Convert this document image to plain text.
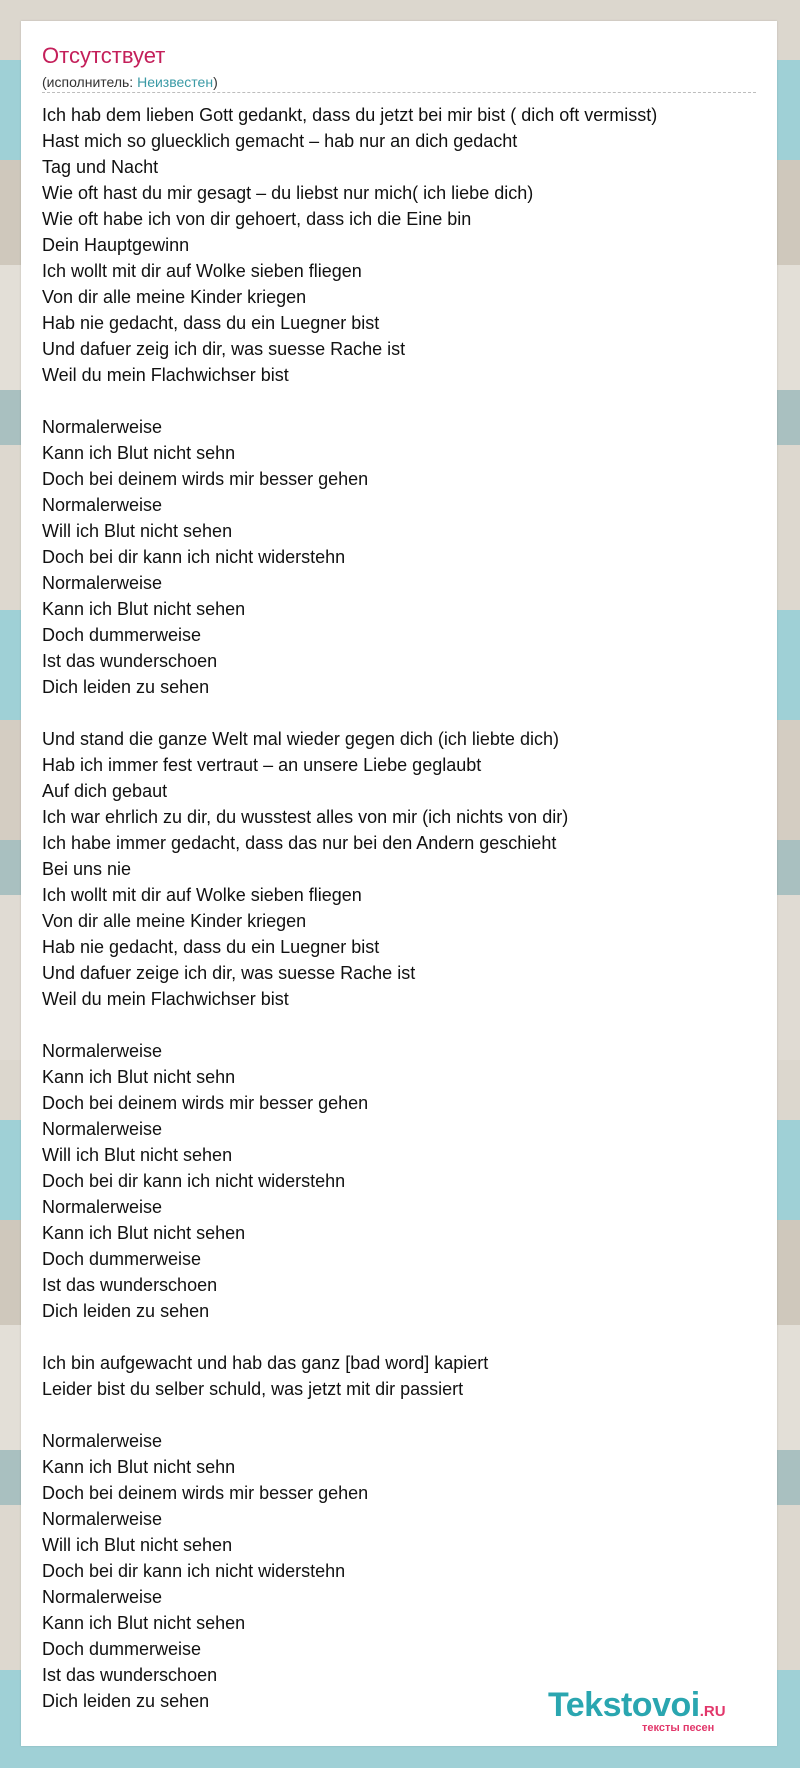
Отсутствует
(исполнитель: Неизвестен)
Ich hab dem lieben Gott gedankt, dass du jetzt bei mir bist ( dich oft vermisst)
Hast mich so gluecklich gemacht – hab nur an dich gedacht
Tag und Nacht
Wie oft hast du mir gesagt – du liebst nur mich( ich liebe dich)
Wie oft habe ich von dir gehoert, dass ich die Eine bin
Dein Hauptgewinn
Ich wollt mit dir auf Wolke sieben fliegen
Von dir alle meine Kinder kriegen
Hab nie gedacht, dass du ein Luegner bist
Und dafuer zeig ich dir, was suesse Rache ist
Weil du mein Flachwichser bist
Normalerweise
Kann ich Blut nicht sehn
Doch bei deinem wirds mir besser gehen
Normalerweise
Will ich Blut nicht sehen
Doch bei dir kann ich nicht widerstehn
Normalerweise
Kann ich Blut nicht sehen
Doch dummerweise
Ist das wunderschoen
Dich leiden zu sehen
Und stand die ganze Welt mal wieder gegen dich (ich liebte dich)
Hab ich immer fest vertraut – an unsere Liebe geglaubt
Auf dich gebaut
Ich war ehrlich zu dir, du wusstest alles von mir (ich nichts von dir)
Ich habe immer gedacht, dass das nur bei den Andern geschieht
Bei uns nie
Ich wollt mit dir auf Wolke sieben fliegen
Von dir alle meine Kinder kriegen
Hab nie gedacht, dass du ein Luegner bist
Und dafuer zeige ich dir, was suesse Rache ist
Weil du mein Flachwichser bist
Normalerweise
Kann ich Blut nicht sehn
Doch bei deinem wirds mir besser gehen
Normalerweise
Will ich Blut nicht sehen
Doch bei dir kann ich nicht widerstehn
Normalerweise
Kann ich Blut nicht sehen
Doch dummerweise
Ist das wunderschoen
Dich leiden zu sehen
Ich bin aufgewacht und hab das ganz [bad word] kapiert
Leider bist du selber schuld, was jetzt mit dir passiert
Normalerweise
Kann ich Blut nicht sehn
Doch bei deinem wirds mir besser gehen
Normalerweise
Will ich Blut nicht sehen
Doch bei dir kann ich nicht widerstehn
Normalerweise
Kann ich Blut nicht sehen
Doch dummerweise
Ist das wunderschoen
Dich leiden zu sehen	Tekstovoi.RU
тексты песен
